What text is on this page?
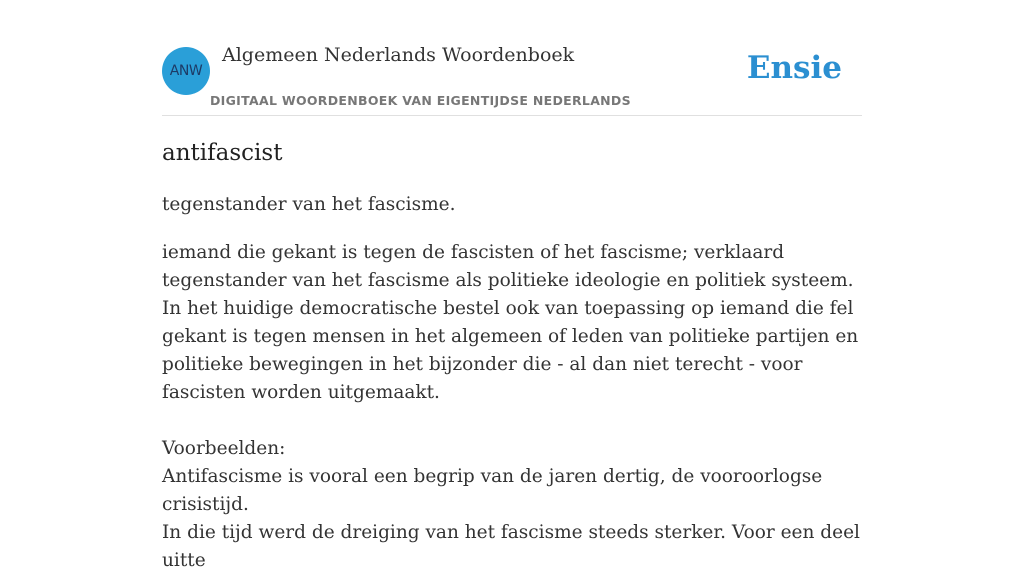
ANW
Algemeen Nederlands Woordenboek
DIGITAAL WOORDENBOEK VAN EIGENTIJDSE NEDERLANDS
Ensie
antifascist
tegenstander van het fascisme.

iemand die gekant is tegen de fascisten of het fascisme; verklaard tegenstander van het fascisme als politieke ideologie en politiek systeem.

In het huidige democratische bestel ook van toepassing op iemand die fel gekant is tegen mensen in het algemeen of leden van politieke partijen en politieke bewegingen in het bijzonder die - al dan niet terecht - voor fascisten worden uitgemaakt.

Voorbeelden:

Antifascisme is vooral een begrip van de jaren dertig, de vooroorlogse crisistijd.

In die tijd werd de dreiging van het fascisme steeds sterker. Voor een deel uitte
